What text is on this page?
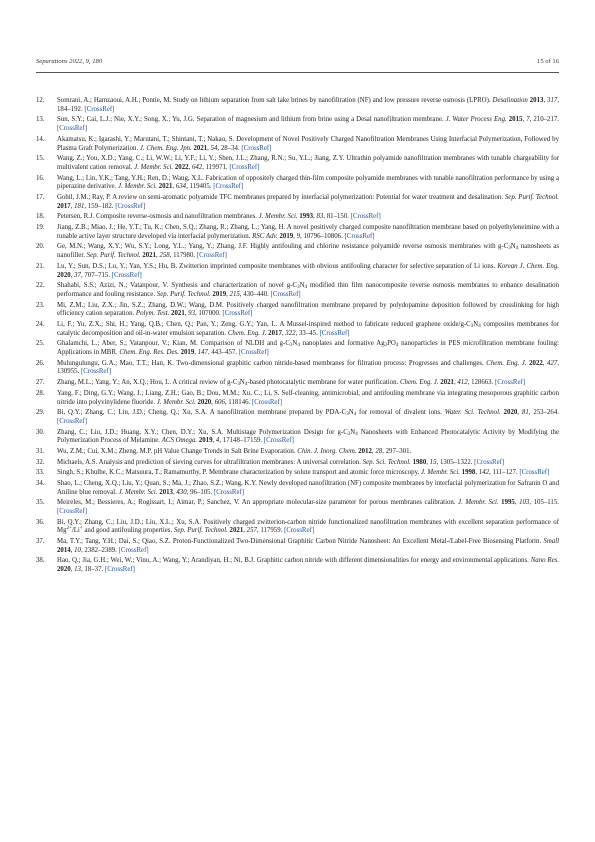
Separations 2022, 9, 180	15 of 16
12.	Somrani, A.; Hamzaoui, A.H.; Pontie, M. Study on lithium separation from salt lake brines by nanofiltration (NF) and low pressure reverse osmosis (LPRO). Desalination 2013, 317, 184–192. [CrossRef]
13.	Sun, S.Y.; Cai, L.J.; Nie, X.Y.; Song, X.; Yu, J.G. Separation of magnesium and lithium from brine using a Desal nanofiltration membrane. J. Water Process Eng. 2015, 7, 210–217. [CrossRef]
14.	Akamatsu, K.; Igarashi, Y.; Marutani, T.; Shintani, T.; Nakao, S. Development of Novel Positively Charged Nanofiltration Membranes Using Interfacial Polymerization, Followed by Plasma Graft Polymerization. J. Chem. Eng. Jpn. 2021, 54, 28–34. [CrossRef]
15.	Wang, Z.; You, X.D.; Yang, C.; Li, W.W.; Li, Y.F.; Li, Y.; Shen, J.L.; Zhang, R.N.; Su, Y.L.; Jiang, Z.Y. Ultrathin polyamide nanofiltration membranes with tunable chargeability for multivalent cation removal. J. Membr. Sci. 2022, 642, 119971. [CrossRef]
16.	Wang, L.; Lin, Y.K.; Tang, Y.H.; Ren, D.; Wang, X.L. Fabrication of oppositely charged thin-film composite polyamide membranes with tunable nanofiltration performance by using a piperazine derivative. J. Membr. Sci. 2021, 634, 119405. [CrossRef]
17.	Gohil, J.M.; Ray, P. A review on semi-aromatic polyamide TFC membranes prepared by interfacial polymerization: Potential for water treatment and desalination. Sep. Purif. Technol. 2017, 181, 159–182. [CrossRef]
18.	Petersen, R.J. Composite reverse-osmosis and nanofiltration membranes. J. Membr. Sci. 1993, 83, 81–150. [CrossRef]
19.	Jiang, Z.B.; Miao, J.; He, Y.T.; Tu, K.; Chen, S.Q.; Zhang, R.; Zhang, L.; Yang, H. A novel positively charged composite nanofiltration membrane based on polyethyleneimine with a tunable active layer structure developed via interfacial polymerization. RSC Adv. 2019, 9, 10796–10806. [CrossRef]
20.	Ge, M.N.; Wang, X.Y.; Wu, S.Y.; Long, Y.L.; Yang, Y.; Zhang, J.F. Highly antifouling and chlorine resistance polyamide reverse osmosis membranes with $g-C_3N_4$ nanosheets as nanofiller. Sep. Purif. Technol. 2021, 258, 117980. [CrossRef]
21.	Lu, Y.; Sun, D.S.; Lu, Y.; Yan, Y.S.; Hu, B. Zwitterion imprinted composite membranes with obvious antifouling character for selective separation of Li ions. Korean J. Chem. Eng. 2020, 37, 707–715. [CrossRef]
22.	Shahabi, S.S.; Azizi, N.; Vatanpour, V. Synthesis and characterization of novel $g-C_3N_4$ modified thin film nanocomposite reverse osmosis membranes to enhance desalination performance and fouling resistance. Sep. Purif. Technol. 2019, 215, 430–440. [CrossRef]
23.	Mi, Z.M.; Liu, Z.X.; Jin, S.Z.; Zhang, D.W.; Wang, D.M. Positively charged nanofiltration membrane prepared by polydopamine deposition followed by crosslinking for high efficiency cation separation. Polym. Test. 2021, 93, 107000. [CrossRef]
24.	Li, F.; Yu, Z.X.; Shi, H.; Yang, Q.B.; Chen, Q.; Pan, Y.; Zeng, G.Y.; Yan, L. A Mussel-inspired method to fabricate reduced graphene oxide/$g-C_3N_4$ composites membranes for catalytic decomposition and oil-in-water emulsion separation. Chem. Eng. J. 2017, 322, 33–45. [CrossRef]
25.	Ghalamchi, L.; Aber, S.; Vatanpour, V.; Kian, M. Comparison of NLDH and $g-C_3N_4$ nanoplates and formative $Ag_3PO_4$ nanoparticles in PES microfiltration membrane fouling: Applications in MBR. Chem. Eng. Res. Des. 2019, 147, 443–457. [CrossRef]
26.	Mulungulungu, G.A.; Mao, T.T.; Han, K. Two-dimensional graphitic carbon nitride-based membranes for filtration process: Progresses and challenges. Chem. Eng. J. 2022, 427, 130955. [CrossRef]
27.	Zhang, M.L.; Yang, Y.; An, X.Q.; Hou, L. A critical review of $g-C_3N_4$-based photocatalytic membrane for water purification. Chem. Eng. J. 2021, 412, 128663. [CrossRef]
28.	Yang, F.; Ding, G.Y.; Wang, J.; Liang, Z.H.; Gao, B.; Dou, M.M.; Xu, C.; Li, S. Self-cleaning, antimicrobial, and antifouling membrane via integrating mesoporous graphitic carbon nitride into polyvinylidene fluoride. J. Membr. Sci. 2020, 606, 118146. [CrossRef]
29.	Bi, Q.Y.; Zhang, C.; Liu, J.D.; Cheng, Q.; Xu, S.A. A nanofiltration membrane prepared by PDA-$C_3N_4$ for removal of divalent ions. Water. Sci. Technol. 2020, 81, 253–264. [CrossRef]
30.	Zhang, C.; Liu, J.D.; Huang, X.Y.; Chen, D.Y.; Xu, S.A. Multistage Polymerization Design for $g-C_3N_4$ Nanosheets with Enhanced Photocatalytic Activity by Modifying the Polymerization Process of Melamine. ACS Omega. 2019, 4, 17148–17159. [CrossRef]
31.	Wu, Z.M.; Cui, X.M.; Zheng, M.P. pH Value Change Trends in Salt Brine Evaporation. Chin. J. Inorg. Chem. 2012, 28, 297–301.
32.	Michaels, A.S. Analysis and prediction of sieving curves for ultrafiltration membranes: A universal correlation. Sep. Sci. Technol. 1980, 15, 1305–1322. [CrossRef]
33.	Singh, S.; Khulbe, K.C.; Matsuura, T.; Ramamurthy, P. Membrane characterization by solute transport and atomic force microscopy. J. Membr. Sci. 1998, 142, 111–127. [CrossRef]
34.	Shao, L.; Cheng, X.Q.; Liu, Y.; Quan, S.; Ma, J.; Zhao, S.Z.; Wang, K.Y. Newly developed nanofiltration (NF) composite membranes by interfacial polymerization for Safranin O and Aniline blue removal. J. Membr. Sci. 2013, 430, 96–105. [CrossRef]
35.	Meireles, M.; Bessieres, A.; Rogissart, I.; Aimar, P.; Sanchez, V. An appropriate molecular-size parameter for porous membranes calibration. J. Membr. Sci. 1995, 103, 105–115. [CrossRef]
36.	Bi, Q.Y.; Zhang, C.; Liu, J.D.; Liu, X.L.; Xu, S.A. Positively charged zwitterion-carbon nitride functionalized nanofiltration membranes with excellent separation performance of $Mg^{2+}/Li^+$ and good antifouling properties. Sep. Purif. Technol. 2021, 257, 117959. [CrossRef]
37.	Ma, T.Y.; Tang, Y.H.; Dai, S.; Qiao, S.Z. Proton-Functionalized Two-Dimensional Graphitic Carbon Nitride Nanosheet: An Excellent Metal-/Label-Free Biosensing Platform. Small 2014, 10, 2382–2389. [CrossRef]
38.	Hao, Q.; Jia, G.H.; Wei, W.; Vinu, A.; Wang, Y.; Arandiyan, H.; Ni, B.J. Graphitic carbon nitride with different dimensionalities for energy and environmental applications. Nano Res. 2020, 13, 18–37. [CrossRef]
